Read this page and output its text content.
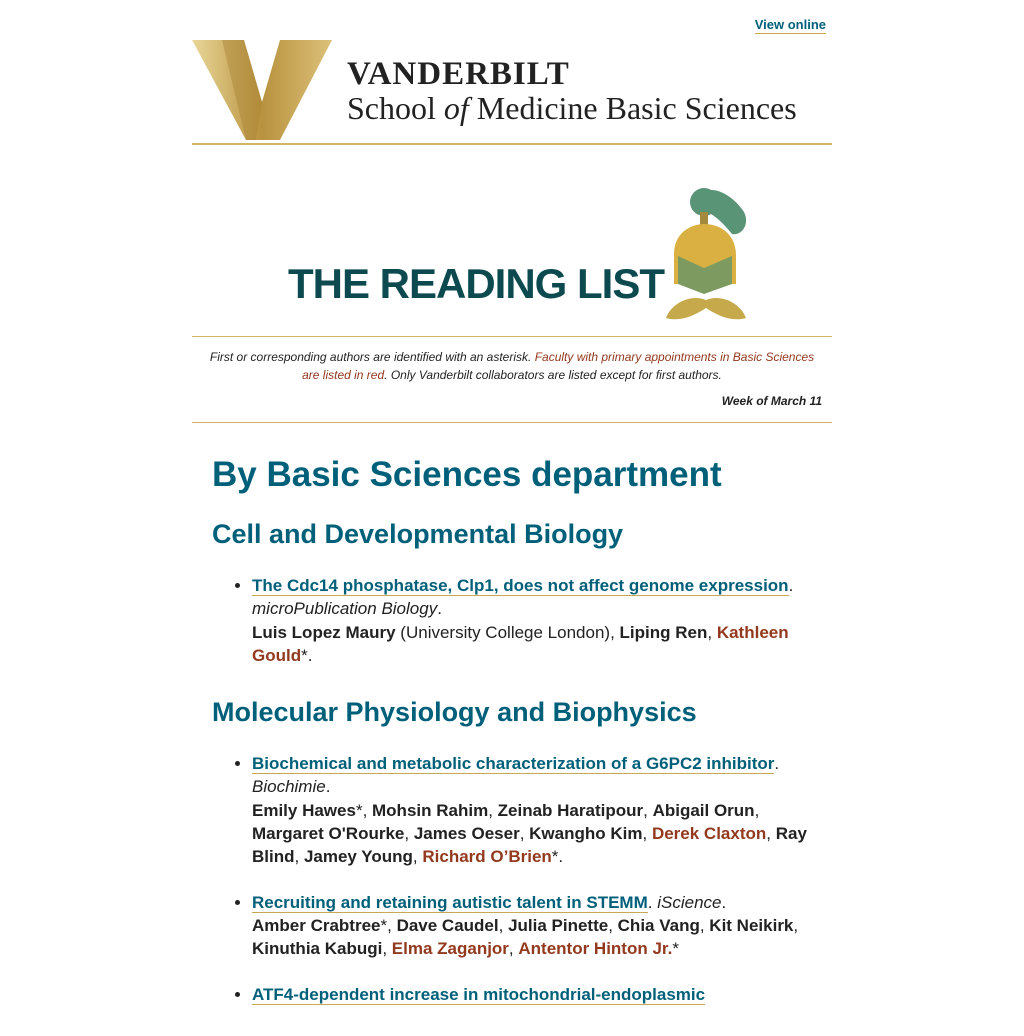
View online
VANDERBILT
School of Medicine Basic Sciences
THE READING LIST

First or corresponding authors are identified with an asterisk. Faculty with primary appointments in Basic Sciences are listed in red. Only Vanderbilt collaborators are listed except for first authors.

Week of March 11
By Basic Sciences department
Cell and Developmental Biology
• The Cdc14 phosphatase, Clp1, does not affect genome expression. microPublication Biology.
Luis Lopez Maury (University College London), Liping Ren, Kathleen Gould*.
Molecular Physiology and Biophysics
• Biochemical and metabolic characterization of a G6PC2 inhibitor. Biochimie.
Emily Hawes*, Mohsin Rahim, Zeinab Haratipour, Abigail Orun, Margaret O'Rourke, James Oeser, Kwangho Kim, Derek Claxton, Ray Blind, Jamey Young, Richard O’Brien*.
• Recruiting and retaining autistic talent in STEMM. iScience.
Amber Crabtree*, Dave Caudel, Julia Pinette, Chia Vang, Kit Neikirk, Kinuthia Kabugi, Elma Zaganjor, Antentor Hinton Jr.*
• ATF4-dependent increase in mitochondrial-endoplasmic
